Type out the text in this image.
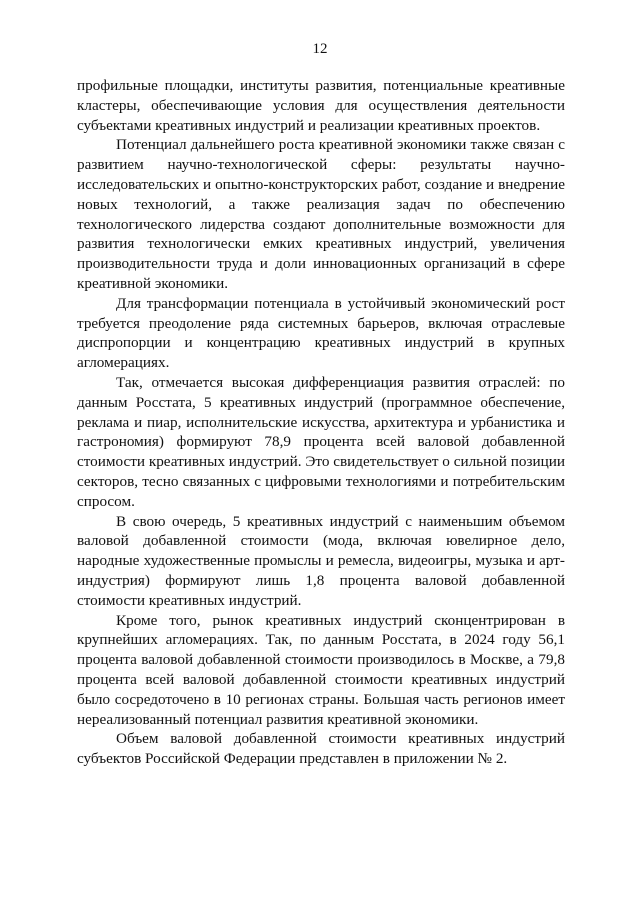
12

профильные площадки, институты развития, потенциальные креативные кластеры, обеспечивающие условия для осуществления деятельности субъектами креативных индустрий и реализации креативных проектов.

Потенциал дальнейшего роста креативной экономики также связан с развитием научно-технологической сферы: результаты научно-исследовательских и опытно-конструкторских работ, создание и внедрение новых технологий, а также реализация задач по обеспечению технологического лидерства создают дополнительные возможности для развития технологически емких креативных индустрий, увеличения производительности труда и доли инновационных организаций в сфере креативной экономики.

Для трансформации потенциала в устойчивый экономический рост требуется преодоление ряда системных барьеров, включая отраслевые диспропорции и концентрацию креативных индустрий в крупных агломерациях.

Так, отмечается высокая дифференциация развития отраслей: по данным Росстата, 5 креативных индустрий (программное обеспечение, реклама и пиар, исполнительские искусства, архитектура и урбанистика и гастрономия) формируют 78,9 процента всей валовой добавленной стоимости креативных индустрий. Это свидетельствует о сильной позиции секторов, тесно связанных с цифровыми технологиями и потребительским спросом.

В свою очередь, 5 креативных индустрий с наименьшим объемом валовой добавленной стоимости (мода, включая ювелирное дело, народные художественные промыслы и ремесла, видеоигры, музыка и арт-индустрия) формируют лишь 1,8 процента валовой добавленной стоимости креативных индустрий.

Кроме того, рынок креативных индустрий сконцентрирован в крупнейших агломерациях. Так, по данным Росстата, в 2024 году 56,1 процента валовой добавленной стоимости производилось в Москве, а 79,8 процента всей валовой добавленной стоимости креативных индустрий было сосредоточено в 10 регионах страны. Большая часть регионов имеет нереализованный потенциал развития креативной экономики.

Объем валовой добавленной стоимости креативных индустрий субъектов Российской Федерации представлен в приложении № 2.
